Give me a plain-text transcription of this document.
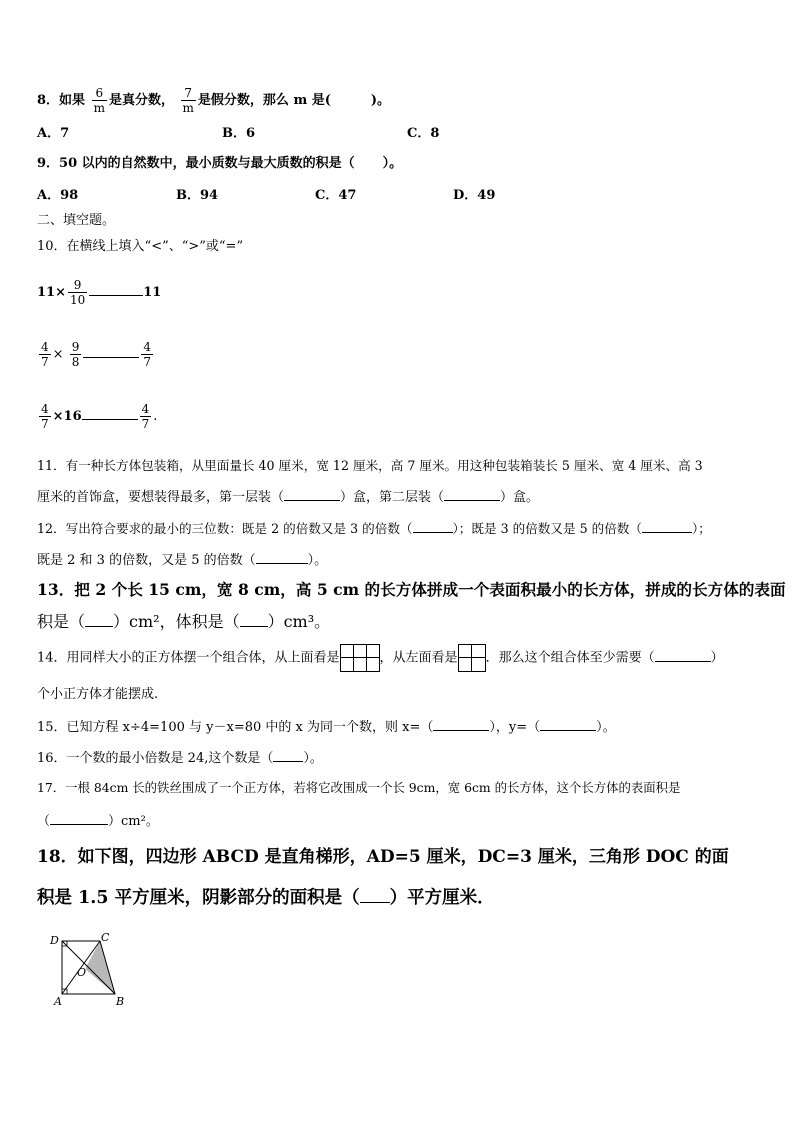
8．如果 $\frac{6}{m}$ 是真分数， $\frac{7}{m}$ 是假分数，那么 m 是(	)。
A．7	B．6	C．8
9．50 以内的自然数中，最小质数与最大质数的积是（ ）。
A．98	B．94	C．47	D．49
二、填空题。
10．在横线上填入“<”、“>”或“=”
$11\times \frac{9}{10}$	11
$\frac{4}{7} \times \frac{9}{8}$	$\frac{4}{7}$
$\frac{4}{7} \times 16$	$\frac{4}{7}$ .
11．有一种长方体包装箱，从里面量长 40 厘米，宽 12 厘米，高 7 厘米。用这种包装箱装长 5 厘米、宽 4 厘米、高 3
厘米的首饰盒，要想装得最多，第一层装（	）盒，第二层装（	）盒。
12．写出符合要求的最小的三位数：既是 2 的倍数又是 3 的倍数（	）；既是 3 的倍数又是 5 的倍数（	）；
既是 2 和 3 的倍数，又是 5 的倍数（	）。
13．把 2 个长 15 cm，宽 8 cm，高 5 cm 的长方体拼成一个表面积最小的长方体，拼成的长方体的表面
积是（ ）cm²，体积是（ ）cm³。
14．用同样大小的正方体摆一个组合体，从上面看是	，从左面看是 ．那么这个组合体至少需要（	）
个小正方体才能摆成.
15．已知方程 x÷4=100 与 y－x=80 中的 x 为同一个数，则 x=（	），y=（	）。
16．一个数的最小倍数是 24,这个数是（ ）。
17．一根 84cm 长的铁丝围成了一个正方体，若将它改围成一个长 9cm，宽 6cm 的长方体，这个长方体的表面积是
（	）cm²。
18．如下图，四边形 ABCD 是直角梯形，AD=5 厘米，DC=3 厘米，三角形 DOC 的面
积是 1.5 平方厘米，阴影部分的面积是（ ）平方厘米．
D	C
O
A	B
